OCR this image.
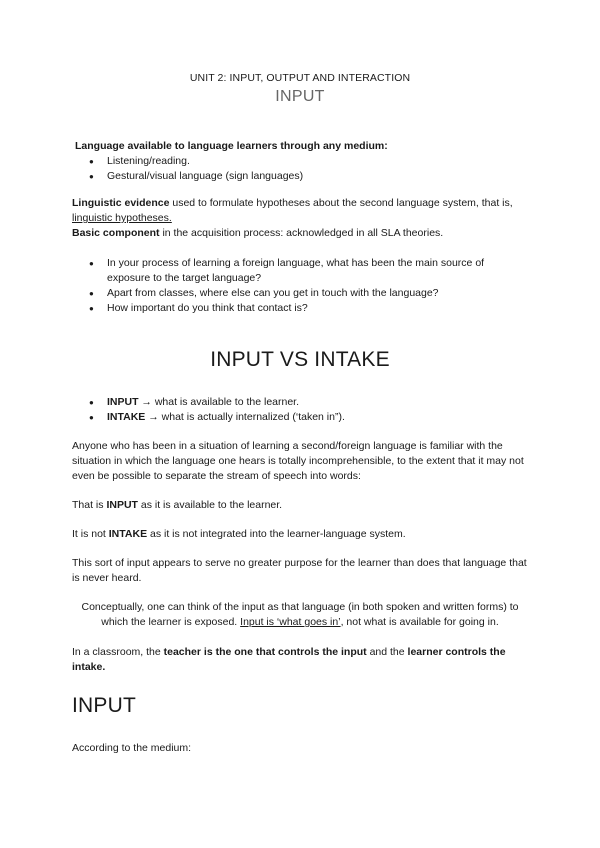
UNIT 2: INPUT, OUTPUT AND INTERACTION
INPUT
Language available to language learners through any medium:
● Listening/reading.
● Gestural/visual language (sign languages)
Linguistic evidence used to formulate hypotheses about the second language system, that is, linguistic hypotheses.
Basic component in the acquisition process: acknowledged in all SLA theories.
● In your process of learning a foreign language, what has been the main source of exposure to the target language?
● Apart from classes, where else can you get in touch with the language?
● How important do you think that contact is?
INPUT VS INTAKE
● INPUT → what is available to the learner.
● INTAKE → what is actually internalized (‘taken in”).
Anyone who has been in a situation of learning a second/foreign language is familiar with the situation in which the language one hears is totally incomprehensible, to the extent that it may not even be possible to separate the stream of speech into words:
That is INPUT as it is available to the learner.
It is not INTAKE as it is not integrated into the learner-language system.
This sort of input appears to serve no greater purpose for the learner than does that language that is never heard.
Conceptually, one can think of the input as that language (in both spoken and written forms) to which the learner is exposed. Input is ‘what goes in’, not what is available for going in.
In a classroom, the teacher is the one that controls the input and the learner controls the intake.
INPUT
According to the medium:
